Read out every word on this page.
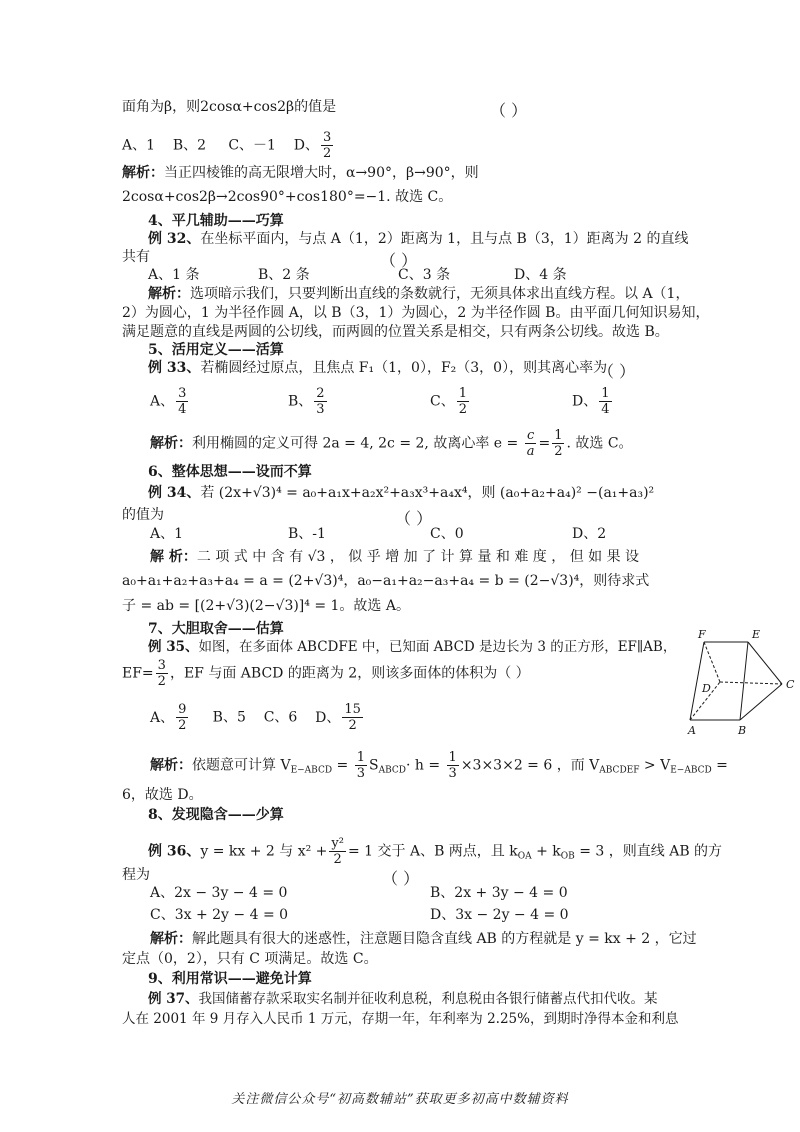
面角为β，则2cosα+cos2β的值是	（ ）
A、1 B、2 C、－1 D、 $\frac{3}{2}$
解析：当正四棱锥的高无限增大时，α→90°，β→90°，则
2cosα+cos2β→2cos90°+cos180°=−1. 故选 C。
4、平几辅助——巧算
例 32、在坐标平面内，与点 A（1，2）距离为 1，且与点 B（3，1）距离为 2 的直线
共有	（ ）
A、1 条	B、2 条	C、3 条	D、4 条
解析：选项暗示我们，只要判断出直线的条数就行，无须具体求出直线方程。以 A（1，
2）为圆心，1 为半径作圆 A，以 B（3，1）为圆心，2 为半径作圆 B。由平面几何知识易知，
满足题意的直线是两圆的公切线，而两圆的位置关系是相交，只有两条公切线。故选 B。
5、活用定义——活算
例 33、若椭圆经过原点，且焦点 F₁（1，0），F₂（3，0），则其离心率为
（ ）
A、 $\frac{3}{4}$	B、 $\frac{2}{3}$	C、 $\frac{1}{2}$	D、 $\frac{1}{4}$
解析：利用椭圆的定义可得 2a = 4, 2c = 2, 故离心率 $e = \frac{c}{a} = \frac{1}{2}$ . 故选 C。
6、整体思想——设而不算
例 34、若 (2x+√3)⁴ = a₀+a₁x+a₂x²+a₃x³+a₄x⁴，则 (a₀+a₂+a₄)² −(a₁+a₃)²
的值为	（ ）
A、1	B、-1	C、0	D、2
解 析：二 项 式 中 含 有 √3 ， 似 乎 增 加 了 计 算 量 和 难 度 ， 但 如 果 设
a₀+a₁+a₂+a₃+a₄ = a = (2+√3)⁴，a₀−a₁+a₂−a₃+a₄ = b = (2−√3)⁴，则待求式
子 = ab = [(2+√3)(2−√3)]⁴ = 1。故选 A。
7、大胆取舍——估算
例 35、如图，在多面体 ABCDFE 中，已知面 ABCD 是边长为 3 的正方形，EF∥AB，
$EF= \frac{3}{2}$ ，EF 与面 ABCD 的距离为 2，则该多面体的体积为（ ）
A、 $\frac{9}{2}$ B、5 C、6 D、 $\frac{15}{2}$
解析：依题意可计算 $V_{E-ABCD} = \frac{1}{3} S_{ABCD}\cdot h = \frac{1}{3} \times 3\times 3\times 2 = 6$ ，而 $V_{ABCDEF} > V_{E-ABCD}$ =
6，故选 D。
F	E
D	C
A	B
8、发现隐含——少算
例 36、y = kx + 2 与 $x^2 + \frac{\text{y²}}{2} = 1$ 交于 A、B 两点，且 $k_{OA} + k_{OB} = 3$ ，则直线 AB 的方
程为	（ ）
A、2x − 3y − 4 = 0	B、2x + 3y − 4 = 0
C、3x + 2y − 4 = 0	D、3x − 2y − 4 = 0
解析：解此题具有很大的迷惑性，注意题目隐含直线 AB 的方程就是 y = kx + 2 ，它过
定点（0，2），只有 C 项满足。故选 C。
9、利用常识——避免计算
例 37、我国储蓄存款采取实名制并征收利息税，利息税由各银行储蓄点代扣代收。某
人在 2001 年 9 月存入人民币 1 万元，存期一年，年利率为 2.25%，到期时净得本金和利息
关注微信公众号“初高数辅站”获取更多初高中数辅资料
